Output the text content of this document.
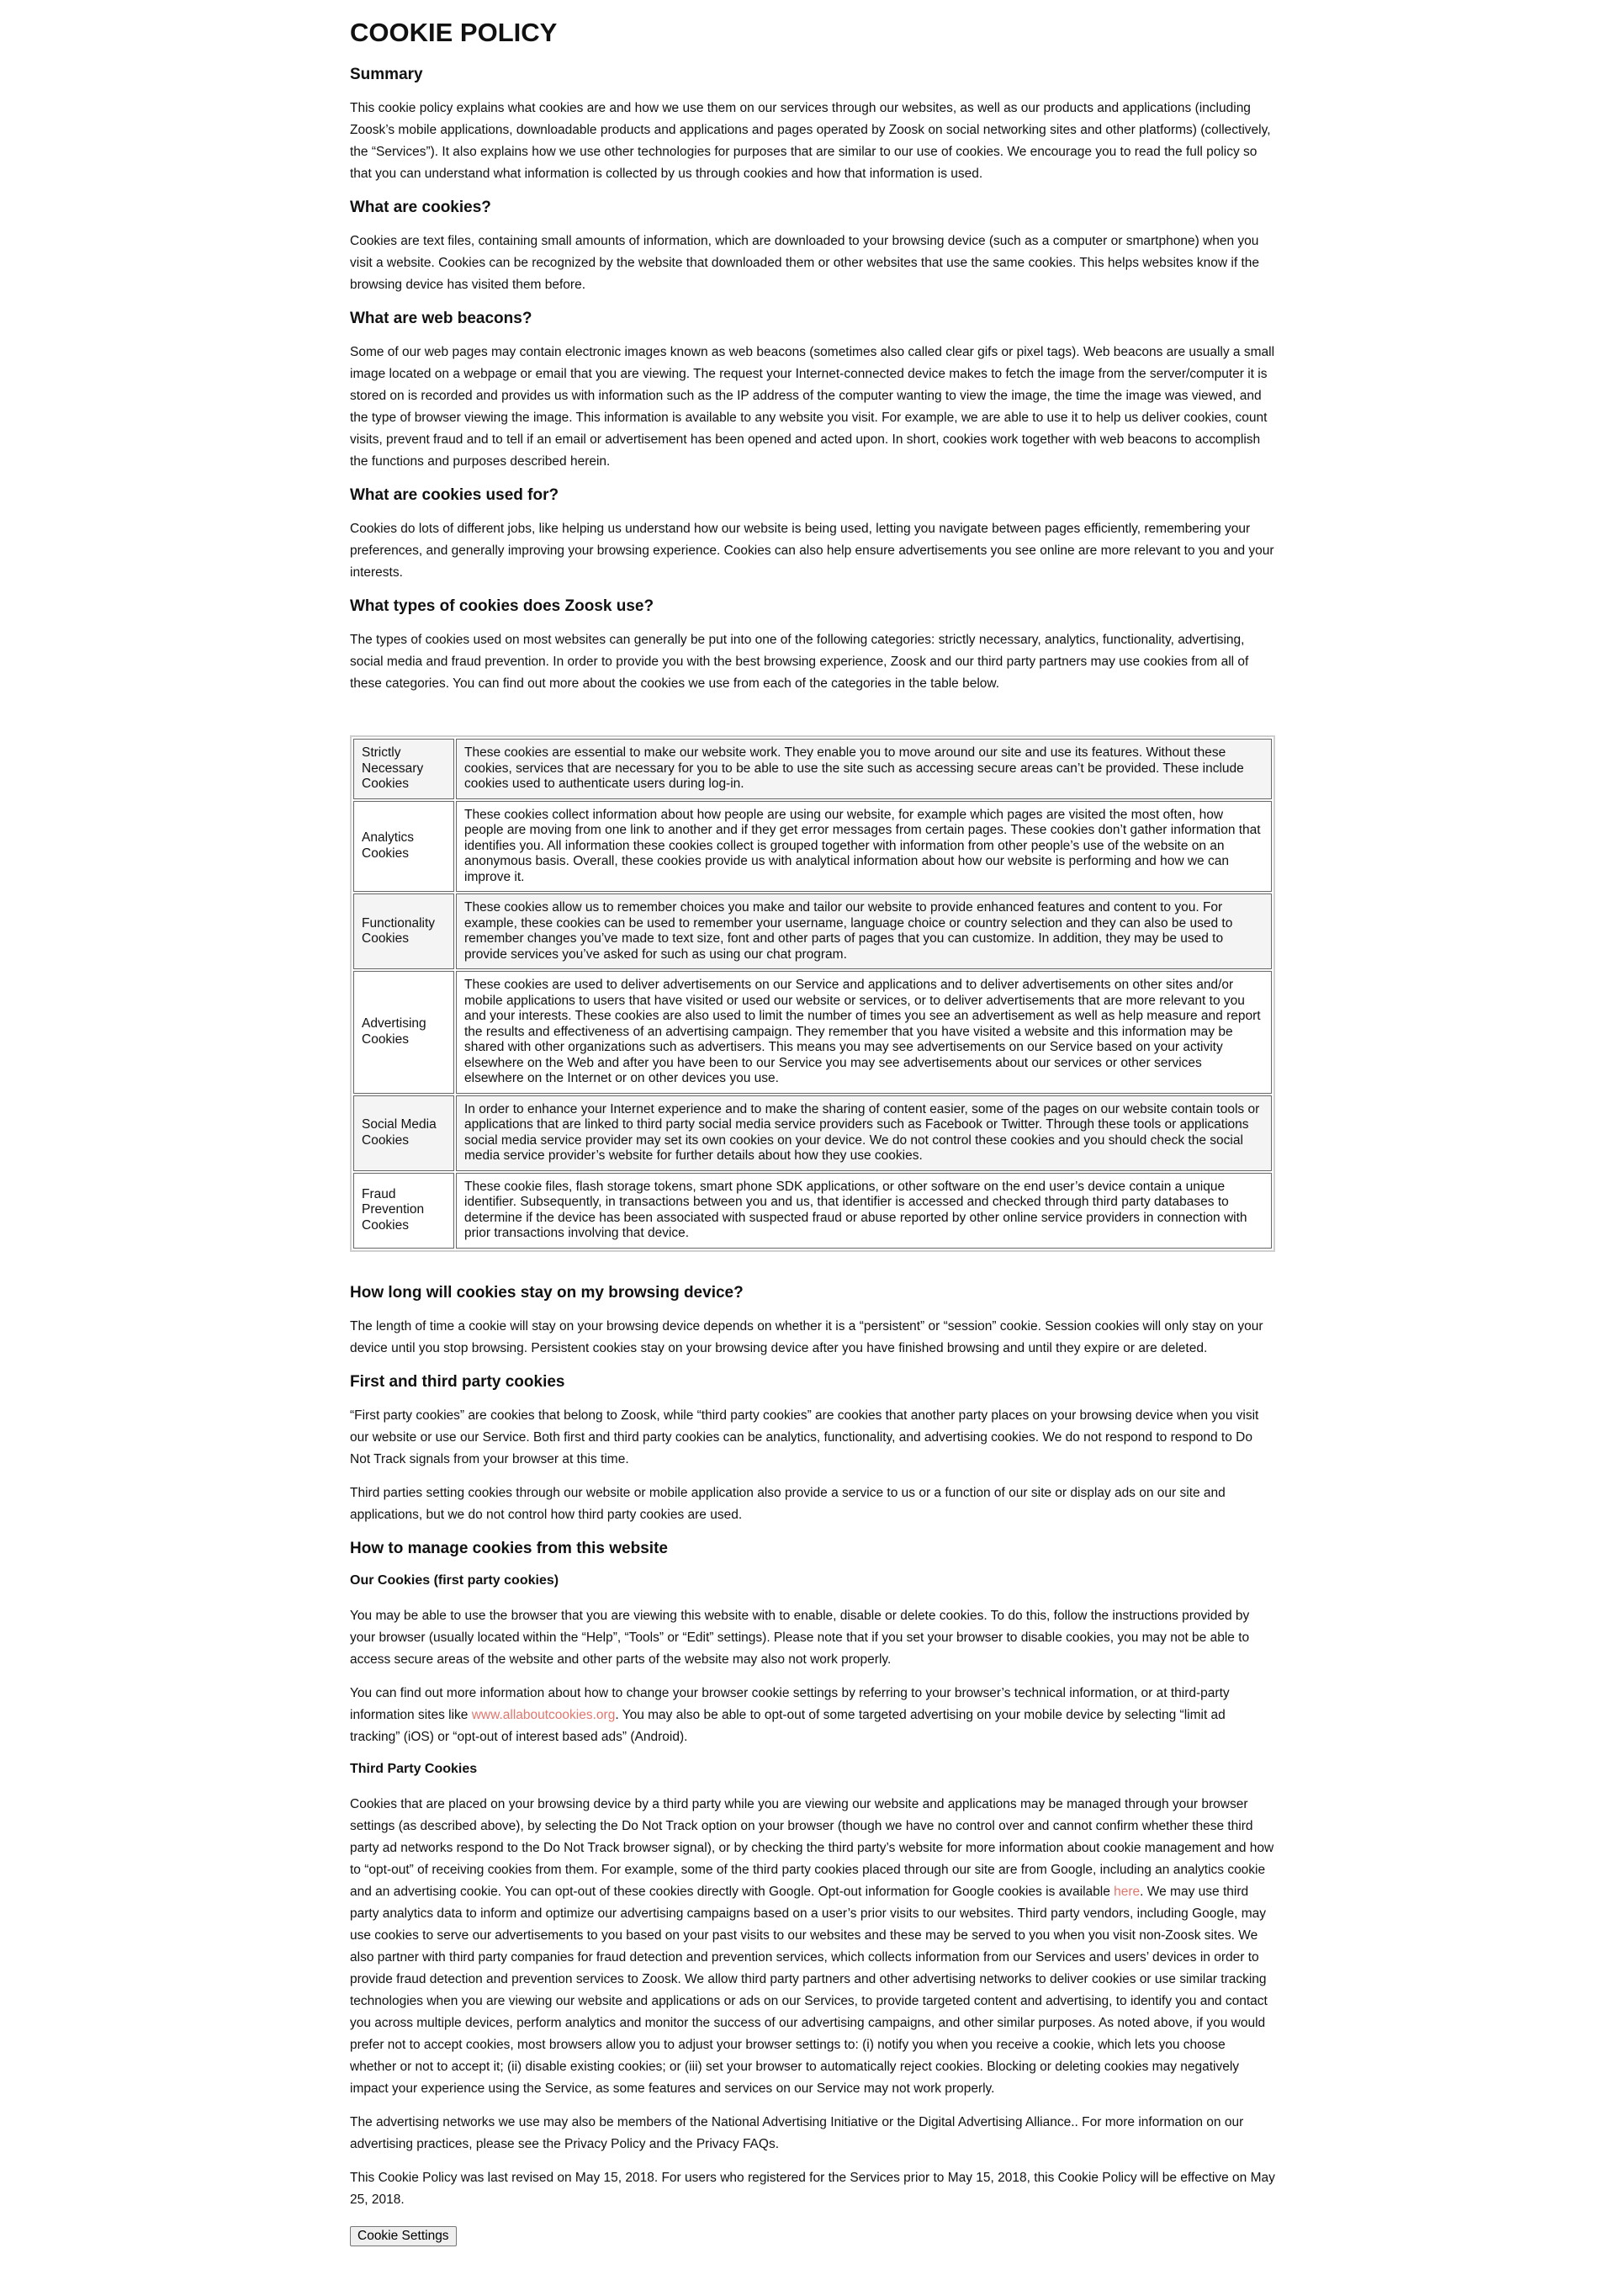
COOKIE POLICY
Summary

This cookie policy explains what cookies are and how we use them on our services through our websites, as well as our products and applications (including Zoosk’s mobile applications, downloadable products and applications and pages operated by Zoosk on social networking sites and other platforms) (collectively, the “Services”). It also explains how we use other technologies for purposes that are similar to our use of cookies. We encourage you to read the full policy so that you can understand what information is collected by us through cookies and how that information is used.

What are cookies?

Cookies are text files, containing small amounts of information, which are downloaded to your browsing device (such as a computer or smartphone) when you visit a website. Cookies can be recognized by the website that downloaded them or other websites that use the same cookies. This helps websites know if the browsing device has visited them before.

What are web beacons?

Some of our web pages may contain electronic images known as web beacons (sometimes also called clear gifs or pixel tags). Web beacons are usually a small image located on a webpage or email that you are viewing. The request your Internet-connected device makes to fetch the image from the server/computer it is stored on is recorded and provides us with information such as the IP address of the computer wanting to view the image, the time the image was viewed, and the type of browser viewing the image. This information is available to any website you visit. For example, we are able to use it to help us deliver cookies, count visits, prevent fraud and to tell if an email or advertisement has been opened and acted upon. In short, cookies work together with web beacons to accomplish the functions and purposes described herein.

What are cookies used for?

Cookies do lots of different jobs, like helping us understand how our website is being used, letting you navigate between pages efficiently, remembering your preferences, and generally improving your browsing experience. Cookies can also help ensure advertisements you see online are more relevant to you and your interests.

What types of cookies does Zoosk use?

The types of cookies used on most websites can generally be put into one of the following categories: strictly necessary, analytics, functionality, advertising, social media and fraud prevention. In order to provide you with the best browsing experience, Zoosk and our third party partners may use cookies from all of these categories. You can find out more about the cookies we use from each of the categories in the table below.

Strictly Necessary Cookies	These cookies are essential to make our website work. They enable you to move around our site and use its features. Without these cookies, services that are necessary for you to be able to use the site such as accessing secure areas can’t be provided. These include cookies used to authenticate users during log-in.
Analytics Cookies	These cookies collect information about how people are using our website, for example which pages are visited the most often, how people are moving from one link to another and if they get error messages from certain pages. These cookies don’t gather information that identifies you. All information these cookies collect is grouped together with information from other people’s use of the website on an anonymous basis. Overall, these cookies provide us with analytical information about how our website is performing and how we can improve it.
Functionality Cookies	These cookies allow us to remember choices you make and tailor our website to provide enhanced features and content to you. For example, these cookies can be used to remember your username, language choice or country selection and they can also be used to remember changes you’ve made to text size, font and other parts of pages that you can customize. In addition, they may be used to provide services you’ve asked for such as using our chat program.
Advertising Cookies	These cookies are used to deliver advertisements on our Service and applications and to deliver advertisements on other sites and/or mobile applications to users that have visited or used our website or services, or to deliver advertisements that are more relevant to you and your interests. These cookies are also used to limit the number of times you see an advertisement as well as help measure and report the results and effectiveness of an advertising campaign. They remember that you have visited a website and this information may be shared with other organizations such as advertisers. This means you may see advertisements on our Service based on your activity elsewhere on the Web and after you have been to our Service you may see advertisements about our services or other services elsewhere on the Internet or on other devices you use.
Social Media Cookies	In order to enhance your Internet experience and to make the sharing of content easier, some of the pages on our website contain tools or applications that are linked to third party social media service providers such as Facebook or Twitter. Through these tools or applications social media service provider may set its own cookies on your device. We do not control these cookies and you should check the social media service provider’s website for further details about how they use cookies.
Fraud Prevention Cookies	These cookie files, flash storage tokens, smart phone SDK applications, or other software on the end user’s device contain a unique identifier. Subsequently, in transactions between you and us, that identifier is accessed and checked through third party databases to determine if the device has been associated with suspected fraud or abuse reported by other online service providers in connection with prior transactions involving that device.
How long will cookies stay on my browsing device?

The length of time a cookie will stay on your browsing device depends on whether it is a “persistent” or “session” cookie. Session cookies will only stay on your device until you stop browsing. Persistent cookies stay on your browsing device after you have finished browsing and until they expire or are deleted.

First and third party cookies

“First party cookies” are cookies that belong to Zoosk, while “third party cookies” are cookies that another party places on your browsing device when you visit our website or use our Service. Both first and third party cookies can be analytics, functionality, and advertising cookies. We do not respond to respond to Do Not Track signals from your browser at this time.

Third parties setting cookies through our website or mobile application also provide a service to us or a function of our site or display ads on our site and applications, but we do not control how third party cookies are used.

How to manage cookies from this website
Our Cookies (first party cookies)

You may be able to use the browser that you are viewing this website with to enable, disable or delete cookies. To do this, follow the instructions provided by your browser (usually located within the “Help”, “Tools” or “Edit” settings). Please note that if you set your browser to disable cookies, you may not be able to access secure areas of the website and other parts of the website may also not work properly.

You can find out more information about how to change your browser cookie settings by referring to your browser’s technical information, or at third-party information sites like www.allaboutcookies.org. You may also be able to opt-out of some targeted advertising on your mobile device by selecting “limit ad tracking” (iOS) or “opt-out of interest based ads” (Android).

Third Party Cookies

Cookies that are placed on your browsing device by a third party while you are viewing our website and applications may be managed through your browser settings (as described above), by selecting the Do Not Track option on your browser (though we have no control over and cannot confirm whether these third party ad networks respond to the Do Not Track browser signal), or by checking the third party’s website for more information about cookie management and how to “opt-out” of receiving cookies from them. For example, some of the third party cookies placed through our site are from Google, including an analytics cookie and an advertising cookie. You can opt-out of these cookies directly with Google. Opt-out information for Google cookies is available here. We may use third party analytics data to inform and optimize our advertising campaigns based on a user’s prior visits to our websites. Third party vendors, including Google, may use cookies to serve our advertisements to you based on your past visits to our websites and these may be served to you when you visit non-Zoosk sites. We also partner with third party companies for fraud detection and prevention services, which collects information from our Services and users’ devices in order to provide fraud detection and prevention services to Zoosk. We allow third party partners and other advertising networks to deliver cookies or use similar tracking technologies when you are viewing our website and applications or ads on our Services, to provide targeted content and advertising, to identify you and contact you across multiple devices, perform analytics and monitor the success of our advertising campaigns, and other similar purposes. As noted above, if you would prefer not to accept cookies, most browsers allow you to adjust your browser settings to: (i) notify you when you receive a cookie, which lets you choose whether or not to accept it; (ii) disable existing cookies; or (iii) set your browser to automatically reject cookies. Blocking or deleting cookies may negatively impact your experience using the Service, as some features and services on our Service may not work properly.

The advertising networks we use may also be members of the National Advertising Initiative or the Digital Advertising Alliance.. For more information on our advertising practices, please see the Privacy Policy and the Privacy FAQs.

This Cookie Policy was last revised on May 15, 2018. For users who registered for the Services prior to May 15, 2018, this Cookie Policy will be effective on May 25, 2018.

Cookie Settings
